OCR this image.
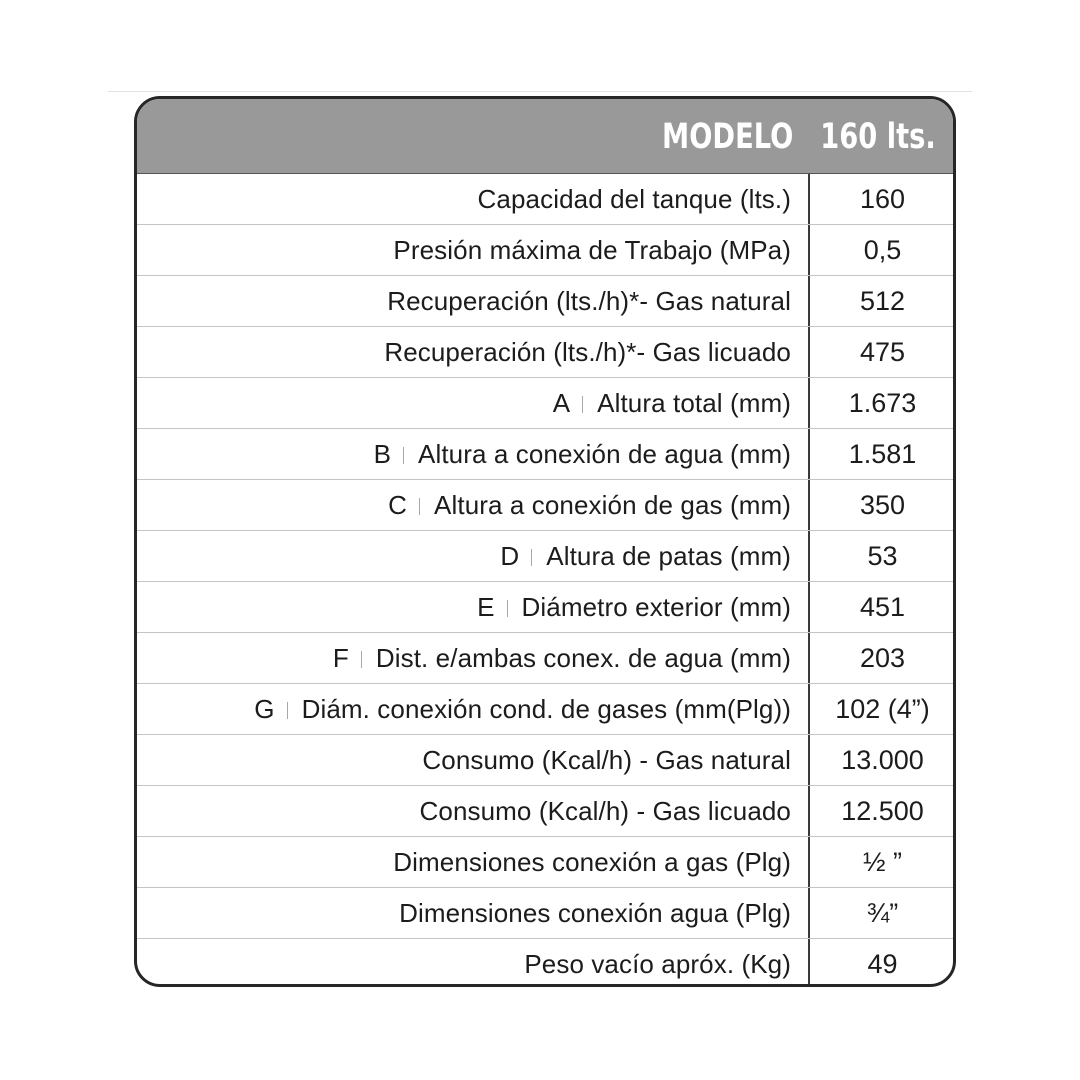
MODELO 160 lts.
Capacidad del tanque (lts.)	160
Presión máxima de Trabajo (MPa)	0,5
Recuperación (lts./h)*- Gas natural	512
Recuperación (lts./h)*- Gas licuado	475
A Altura total (mm)	1.673
B Altura a conexión de agua (mm)	1.581
C Altura a conexión de gas (mm)	350
D Altura de patas (mm)	53
E Diámetro exterior (mm)	451
F Dist. e/ambas conex. de agua (mm)	203
G Diám. conexión cond. de gases (mm(Plg))	102 (4”)
Consumo (Kcal/h) - Gas natural	13.000
Consumo (Kcal/h) - Gas licuado	12.500
Dimensiones conexión a gas (Plg)	½ ”
Dimensiones conexión agua (Plg)	¾”
Peso vacío apróx. (Kg)	49
